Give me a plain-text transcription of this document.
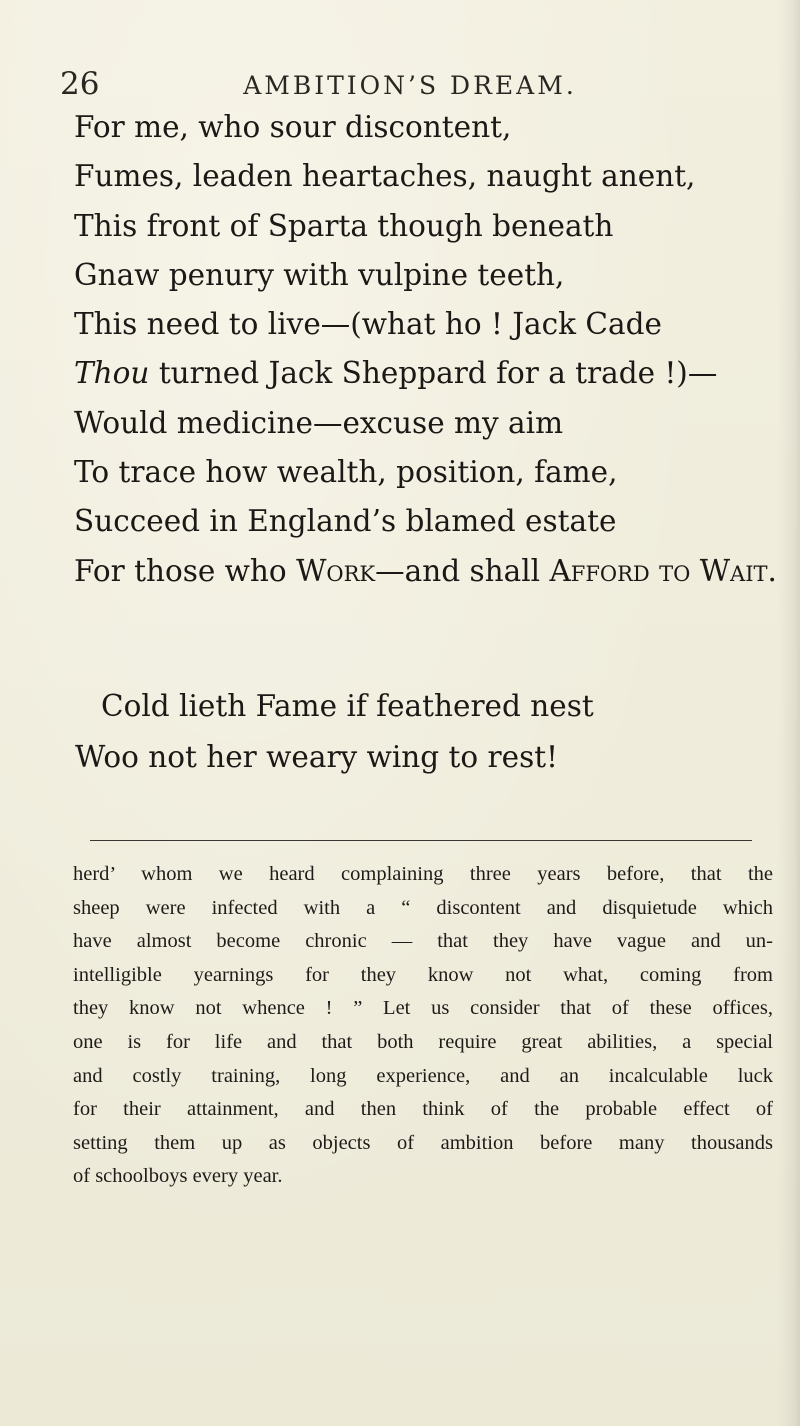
26	AMBITION’S DREAM.
For me, who sour discontent,
Fumes, leaden heartaches, naught anent,
This front of Sparta though beneath
Gnaw penury with vulpine teeth,
This need to live—(what ho ! Jack Cade
Thou turned Jack Sheppard for a trade !)—
Would medicine—excuse my aim
To trace how wealth, position, fame,
Succeed in England’s blamed estate
For those who Work—and shall Afford to Wait.
Cold lieth Fame if feathered nest
Woo not her weary wing to rest!
herd’ whom we heard complaining three years before, that the
sheep were infected with a “ discontent and disquietude which
have almost become chronic — that they have vague and un-
intelligible yearnings for they know not what, coming from
they know not whence ! ” Let us consider that of these offices,
one is for life and that both require great abilities, a special
and costly training, long experience, and an incalculable luck
for their attainment, and then think of the probable effect of
setting them up as objects of ambition before many thousands
of schoolboys every year.
